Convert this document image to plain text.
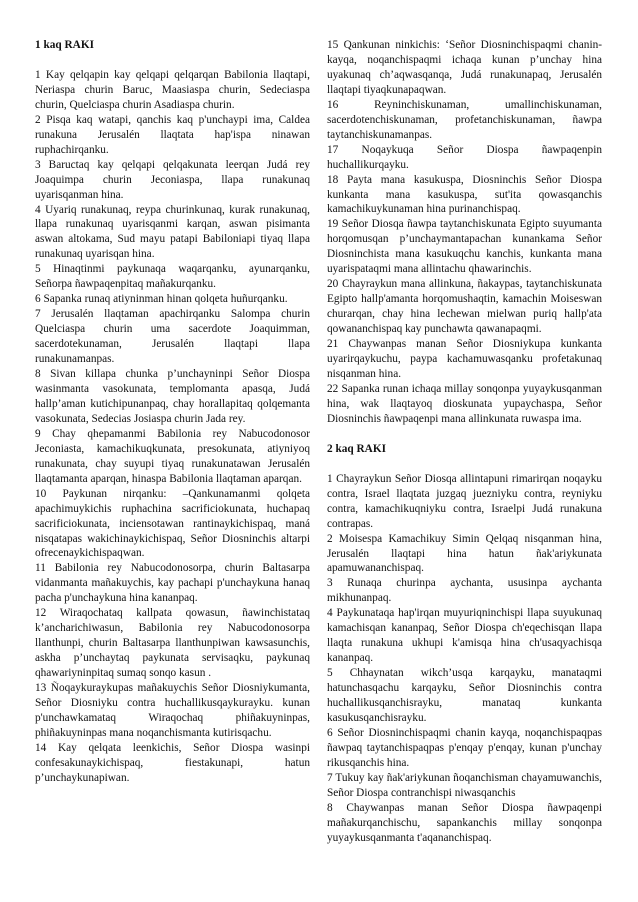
1 kaq RAKI

1 Kay qelqapin kay qelqapi qelqarqan Babilonia llaqtapi, Neriaspa churin Baruc, Maasiaspa churin, Sedeciaspa churin, Quelciaspa churin Asadiaspa churin.

2 Pisqa kaq watapi, qanchis kaq p'unchaypi ima, Caldea runakuna Jerusalén llaqtata hap'ispa ninawan ruphachirqanku.

3 Baructaq kay qelqapi qelqakunata leerqan Judá rey Joaquimpa churin Jeconiaspa, llapa runakunaq uyarisqanman hina.

4 Uyariq runakunaq, reypa churinkunaq, kurak runakunaq, llapa runakunaq uyarisqanmi karqan, aswan pisimanta aswan altokama, Sud mayu patapi Babiloniapi tiyaq llapa runakunaq uyarisqan hina.

5 Hinaqtinmi paykunaqa waqarqanku, ayunarqanku, Señorpa ñawpaqenpitaq mañakurqanku.

6 Sapanka runaq atiyninman hinan qolqeta huñurqanku.

7 Jerusalén llaqtaman apachirqanku Salompa churin Quelciaspa churin uma sacerdote Joaquimman, sacerdotekunaman, Jerusalén llaqtapi llapa runakunamanpas.

8 Sivan killapa chunka p’unchayninpi Señor Diospa wasinmanta vasokunata, templomanta apasqa, Judá hallp’aman kutichipunanpaq, chay horallapitaq qolqemanta vasokunata, Sedecias Josiaspa churin Jada rey.

9 Chay qhepamanmi Babilonia rey Nabucodonosor Jeconiasta, kamachikuqkunata, presokunata, atiyniyoq runakunata, chay suyupi tiyaq runakunatawan Jerusalén llaqtamanta aparqan, hinaspa Babilonia llaqtaman aparqan.

10 Paykunan nirqanku: –Qankunamanmi qolqeta apachimuykichis ruphachina sacrificiokunata, huchapaq sacrificiokunata, inciensotawan rantinaykichispaq, maná nisqatapas wakichinaykichispaq, Señor Diosninchis altarpi ofrecenaykichispaqwan.

11 Babilonia rey Nabucodonosorpa, churin Baltasarpa vidanmanta mañakuychis, kay pachapi p'unchaykuna hanaq pacha p'unchaykuna hina kananpaq.

12 Wiraqochataq kallpata qowasun, ñawinchistataq k’ancharichiwasun, Babilonia rey Nabucodonosorpa llanthunpi, churin Baltasarpa llanthunpiwan kawsasunchis, askha p’unchaytaq paykunata servisaqku, paykunaq qhawariyninpitaq sumaq sonqo kasun .

13 Ñoqaykuraykupas mañakuychis Señor Diosniykumanta, Señor Diosniyku contra huchallikusqaykurayku. kunan p'unchawkamataq Wiraqochaq phiñakuyninpas, phiñakuyninpas mana noqanchismanta kutirisqachu.

14 Kay qelqata leenkichis, Señor Diospa wasinpi confesakunaykichispaq, fiestakunapi, hatun p’unchaykunapiwan.

15 Qankunan ninkichis: ‘Señor Diosninchispaqmi chanin-kayqa, noqanchispaqmi ichaqa kunan p’unchay hina uyakunaq ch’aqwasqanqa, Judá runakunapaq, Jerusalén llaqtapi tiyaqkunapaqwan.

16 Reyninchiskunaman, umallinchiskunaman, sacerdotenchiskunaman, profetanchiskunaman, ñawpa taytanchiskunamanpas.

17 Noqaykuqa Señor Diospa ñawpaqenpin huchallikurqayku.

18 Payta mana kasukuspa, Diosninchis Señor Diospa kunkanta mana kasukuspa, sut'ita qowasqanchis kamachikuykunaman hina purinanchispaq.

19 Señor Diosqa ñawpa taytanchiskunata Egipto suyumanta horqomusqan p’unchaymantapachan kunankama Señor Diosninchista mana kasukuqchu kanchis, kunkanta mana uyarispataqmi mana allintachu qhawarinchis.

20 Chayraykun mana allinkuna, ñakaypas, taytanchiskunata Egipto hallp'amanta horqomushaqtin, kamachin Moiseswan churarqan, chay hina lechewan mielwan puriq hallp'ata qowananchispaq kay punchawta qawanapaqmi.

21 Chaywanpas manan Señor Diosniykupa kunkanta uyarirqaykuchu, paypa kachamuwasqanku profetakunaq nisqanman hina.

22 Sapanka runan ichaqa millay sonqonpa yuyaykusqanman hina, wak llaqtayoq dioskunata yupaychaspa, Señor Diosninchis ñawpaqenpi mana allinkunata ruwaspa ima.

2 kaq RAKI

1 Chayraykun Señor Diosqa allintapuni rimarirqan noqayku contra, Israel llaqtata juzgaq juezniyku contra, reyniyku contra, kamachikuqniyku contra, Israelpi Judá runakuna contrapas.

2 Moisespa Kamachikuy Simin Qelqaq nisqanman hina, Jerusalén llaqtapi hina hatun ñak'ariykunata apamuwananchispaq.

3 Runaqa churinpa aychanta, ususinpa aychanta mikhunanpaq.

4 Paykunataqa hap'irqan muyuriqninchispi llapa suyukunaq kamachisqan kananpaq, Señor Diospa ch'eqechisqan llapa llaqta runakuna ukhupi k'amisqa hina ch'usaqyachisqa kananpaq.

5 Chhaynatan wikch’usqa karqayku, manataqmi hatunchasqachu karqayku, Señor Diosninchis contra huchallikusqanchisrayku, manataq kunkanta kasukusqanchisrayku.

6 Señor Diosninchispaqmi chanin kayqa, noqanchispaqpas ñawpaq taytanchispaqpas p'enqay p'enqay, kunan p'unchay rikusqanchis hina.

7 Tukuy kay ñak'ariykunan ñoqanchisman chayamuwanchis, Señor Diospa contranchispi niwasqanchis

8 Chaywanpas manan Señor Diospa ñawpaqenpi mañakurqanchischu, sapankanchis millay sonqonpa yuyaykusqanmanta t'aqananchispaq.
